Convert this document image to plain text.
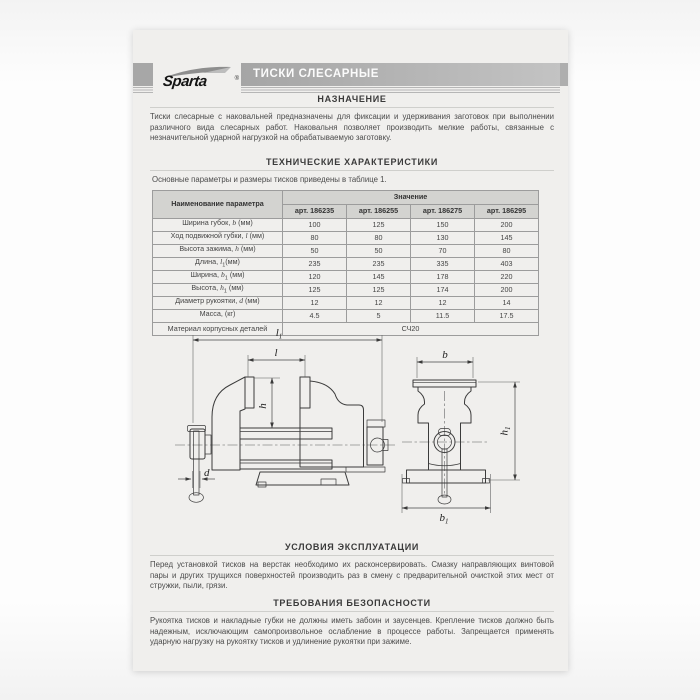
Sparta	® ТИСКИ СЛЕСАРНЫЕ
НАЗНАЧЕНИЕ

Тиски слесарные с наковальней предназначены для фиксации и удерживания заготовок при выполнении различного вида слесарных работ. Наковальня позволяет производить мелкие работы, связанные с незначительной ударной нагрузкой на обрабатываемую заготовку.

ТЕХНИЧЕСКИЕ ХАРАКТЕРИСТИКИ

Основные параметры и размеры тисков приведены в таблице 1.

Наименование параметра	Значение			
	арт. 186235	арт. 186255	арт. 186275	арт. 186295
Ширина губок, b (мм)	100	125	150	200
Ход подвижной губки, l (мм)	80	80	130	145
Высота зажима, h (мм)	50	50	70	80
Длина, $l_1(мм)$	235	235	335	403
Ширина, $b_1$ (мм)	120	145	178	220
Высота, $h_1$ (мм)	125	125	174	200
Диаметр рукоятки, d (мм)	12	12	12	14
Масса, (кг)	4.5	5	11.5	17.5
Материал корпусных деталей	СЧ20			
$l_1$
l
h
d
b
$h_1$
$b_1$
УСЛОВИЯ ЭКСПЛУАТАЦИИ

Перед установкой тисков на верстак необходимо их расконсервировать. Смазку направляющих винтовой пары и других трущихся поверхностей производить раз в смену с предварительной очисткой этих мест от стружки, пыли, грязи.

ТРЕБОВАНИЯ БЕЗОПАСНОСТИ

Рукоятка тисков и накладные губки не должны иметь забоин и заусенцев. Крепление тисков должно быть надежным, исключающим самопроизвольное ослабление в процессе работы. Запрещается применять ударную нагрузку на рукоятку тисков и удлинение рукоятки при зажиме.
